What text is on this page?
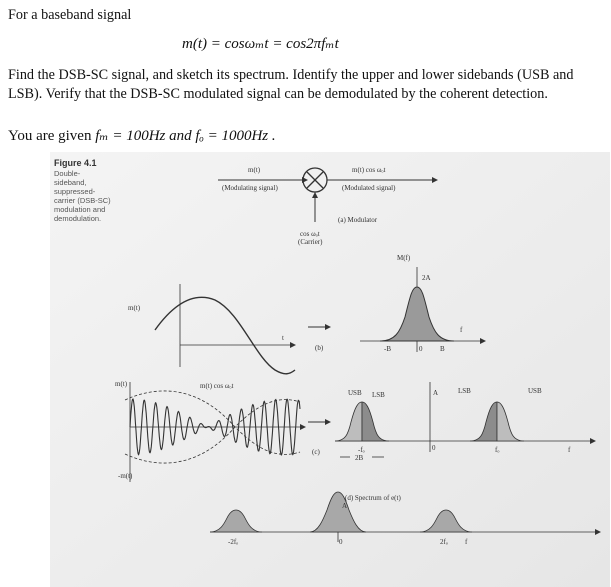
For a baseband signal
m(t) = cosωₘt = cos2πfₘt
Find the DSB-SC signal, and sketch its spectrum. Identify the upper and lower sidebands (USB and LSB). Verify that the DSB-SC modulated signal can be demodulated by the coherent detection.
You are given fₘ = 100Hz and fₒ = 1000Hz .
Figure 4.1
Double-
sideband,
suppressed-
carrier (DSB-SC)
modulation and
demodulation.
m(t)
(Modulating signal)
m(t) cos ωₒt
(Modulated signal)
(a) Modulator
cos ωₒt
(Carrier)
m(t)
t
(b)
M(f)
2A
-B	0	B
f
m(t)	m(t) cos ωₒt
-m(t)
(c)
USB LSB	A	LSB	USB
-fₒ	0	fₒ	f
2B
(d) Spectrum of e(t)
A
-2fₒ	0	2fₒ f
